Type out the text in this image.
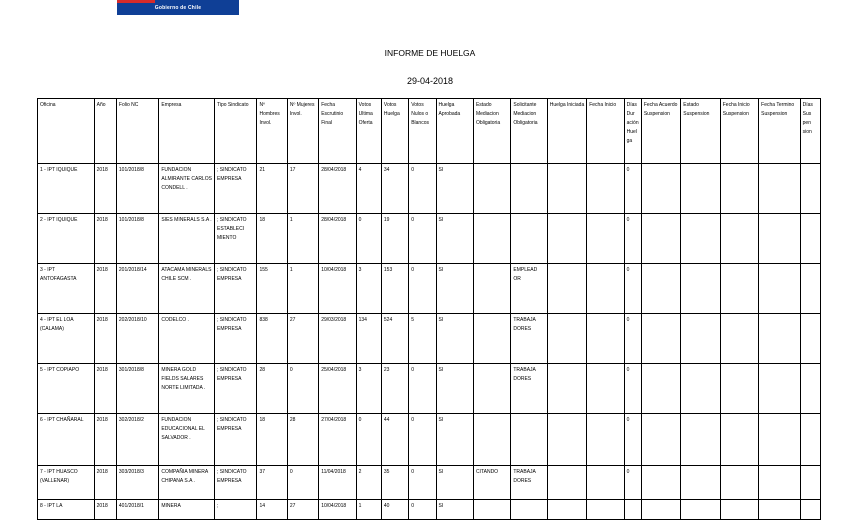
Gobierno de Chile
INFORME DE HUELGA
29-04-2018
Oficina	Año	Folio NC	Empresa	Tipo Sindicato	Nº Hombres Invol.	Nº Mujeres Invol.	Fecha Escrutinio Final	Votos Ultima Oferta	Votos Huelga	Votos Nulos o Blancos	Huelga Aprobada	Estado Mediacion Obligatoria	Solicitante Mediacion Obligatoria	Huelga Iniciada	Fecha Inicio	Días Dur ación Huelga	Fecha Acuerdo Suspension	Estado Suspension	Fecha Inicio Suspension	Fecha Termino Suspension	Días Sus pen sion
1 - IPT IQUIQUE	2018	101/2018/8	FUNDACION ALMIRANTE CARLOS CONDELL .	; SINDICATO EMPRESA	21	17	28/04/2018	4	34	0	SI					0					
2 - IPT IQUIQUE	2018	101/2018/8	SIES MINERALS S.A .	; SINDICATO ESTABLECI MIENTO	18	1	28/04/2018	0	19	0	SI					0					
3 - IPT ANTOFAGASTA	2018	201/2018/14	ATACAMA MINERALS CHILE SCM .	; SINDICATO EMPRESA	155	1	10/04/2018	3	153	0	SI		EMPLEAD OR			0					
4 - IPT EL LOA (CALAMA)	2018	202/2018/10	CODELCO .	; SINDICATO EMPRESA	838	27	29/03/2018	134	524	5	SI		TRABAJA DORES			0					
5 - IPT COPIAPO	2018	301/2018/8	MINERA GOLD FIELDS SALARES NORTE LIMITADA .	; SINDICATO EMPRESA	28	0	25/04/2018	3	23	0	SI		TRABAJA DORES			0					
6 - IPT CHAÑARAL	2018	302/2018/2	FUNDACION EDUCACIONAL EL SALVADOR .	; SINDICATO EMPRESA	18	28	27/04/2018	0	44	0	SI					0					
7 - IPT HUASCO (VALLENAR)	2018	303/2018/3	COMPAÑIA MINERA CHIPANA S.A .	; SINDICATO EMPRESA	37	0	11/04/2018	2	35	0	SI	CITANDO	TRABAJA DORES			0					
8 - IPT LA	2018	401/2018/1	MINERA	;	14	27	10/04/2018	1	40	0	SI										
